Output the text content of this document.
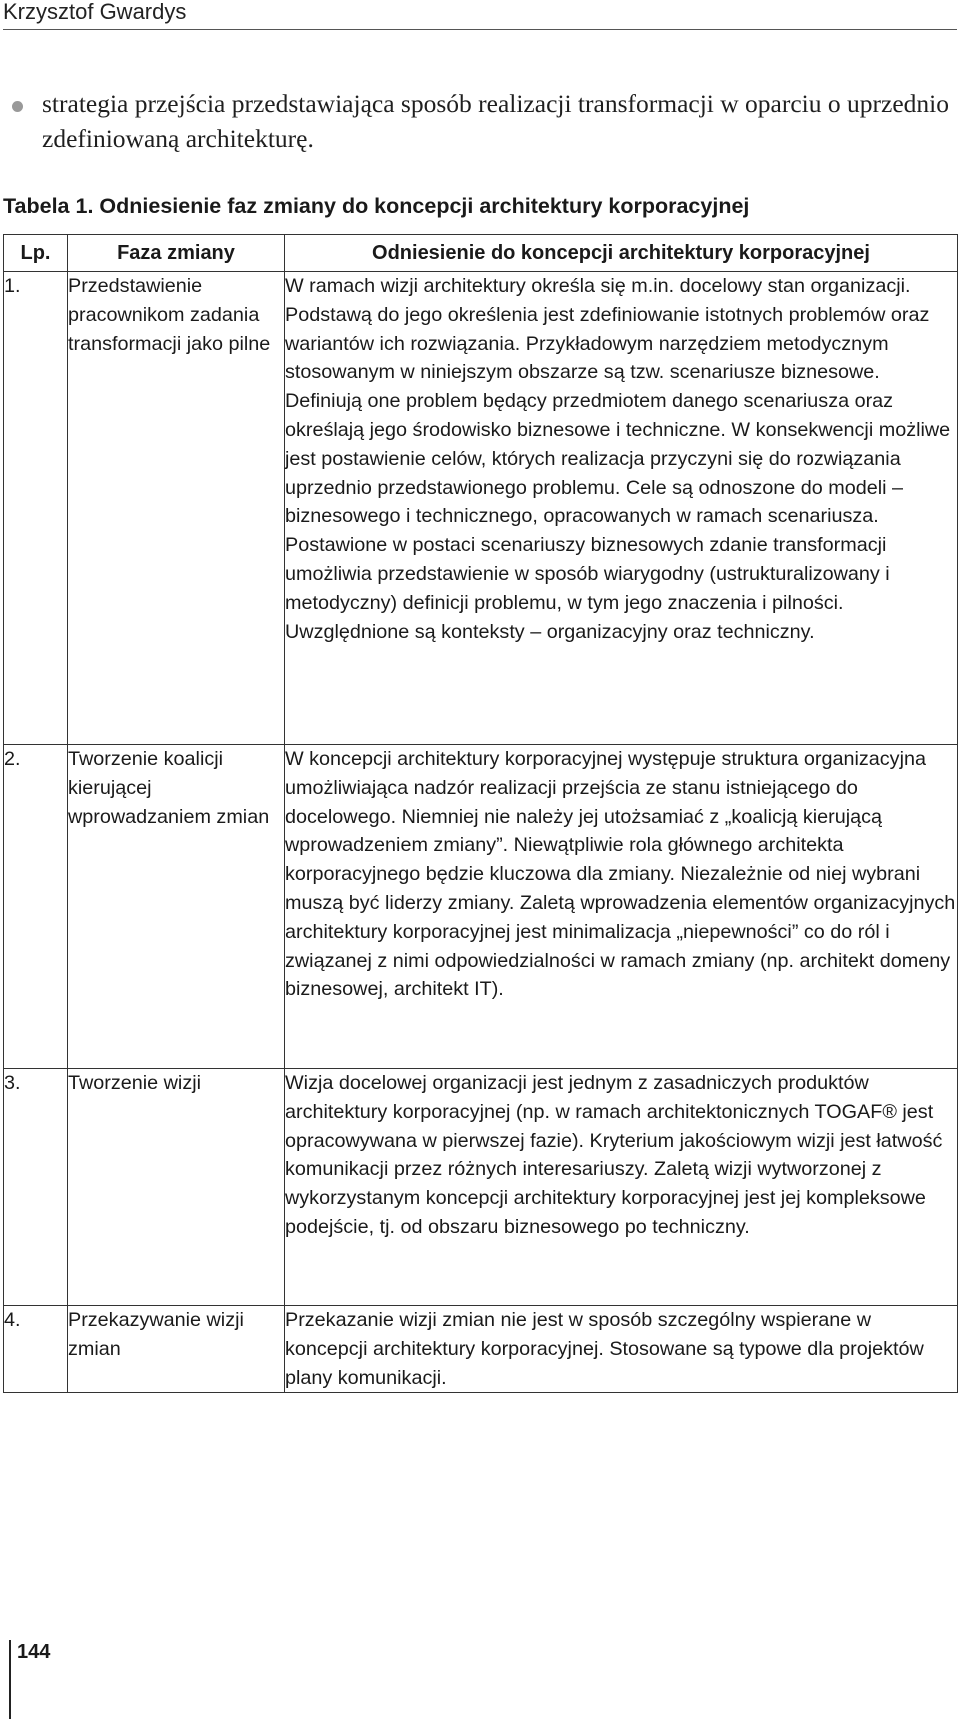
Krzysztof Gwardys
strategia przejścia przedstawiająca sposób realizacji transformacji w oparciu o uprzednio zdefiniowaną architekturę.
Tabela 1. Odniesienie faz zmiany do koncepcji architektury korporacyjnej
Lp.	Faza zmiany	Odniesienie do koncepcji architektury korporacyjnej
1.	Przedstawienie pracownikom zadania transformacji jako pilne	W ramach wizji architektury określa się m.in. docelowy stan organizacji. Podstawą do jego określenia jest zdefiniowanie istotnych problemów oraz wariantów ich rozwiązania. Przykładowym narzędziem metodycznym stosowanym w niniejszym obszarze są tzw. scenariusze biznesowe. Definiują one problem będący przedmiotem danego scenariusza oraz określają jego środowisko biznesowe i techniczne. W konsekwencji możliwe jest postawienie celów, których realizacja przyczyni się do rozwiązania uprzednio przedstawionego problemu. Cele są odnoszone do modeli – biznesowego i technicznego, opracowanych w ramach scenariusza. Postawione w postaci scenariuszy biznesowych zdanie transformacji umożliwia przedstawienie w sposób wiarygodny (ustrukturalizowany i metodyczny) definicji problemu, w tym jego znaczenia i pilności. Uwzględnione są konteksty – organizacyjny oraz techniczny.
2.	Tworzenie koalicji kierującej wprowadzaniem zmian	W koncepcji architektury korporacyjnej występuje struktura organizacyjna umożliwiająca nadzór realizacji przejścia ze stanu istniejącego do docelowego. Niemniej nie należy jej utożsamiać z „koalicją kierującą wprowadzeniem zmiany”. Niewątpliwie rola głównego architekta korporacyjnego będzie kluczowa dla zmiany. Niezależnie od niej wybrani muszą być liderzy zmiany. Zaletą wprowadzenia elementów organizacyjnych architektury korporacyjnej jest minimalizacja „niepewności” co do ról i związanej z nimi odpowiedzialności w ramach zmiany (np. architekt domeny biznesowej, architekt IT).
3.	Tworzenie wizji	Wizja docelowej organizacji jest jednym z zasadniczych produktów architektury korporacyjnej (np. w ramach architektonicznych TOGAF® jest opracowywana w pierwszej fazie). Kryterium jakościowym wizji jest łatwość komunikacji przez różnych interesariuszy. Zaletą wizji wytworzonej z wykorzystanym koncepcji architektury korporacyjnej jest jej kompleksowe podejście, tj. od obszaru biznesowego po techniczny.
4.	Przekazywanie wizji zmian	Przekazanie wizji zmian nie jest w sposób szczególny wspierane w koncepcji architektury korporacyjnej. Stosowane są typowe dla projektów plany komunikacji.
144
